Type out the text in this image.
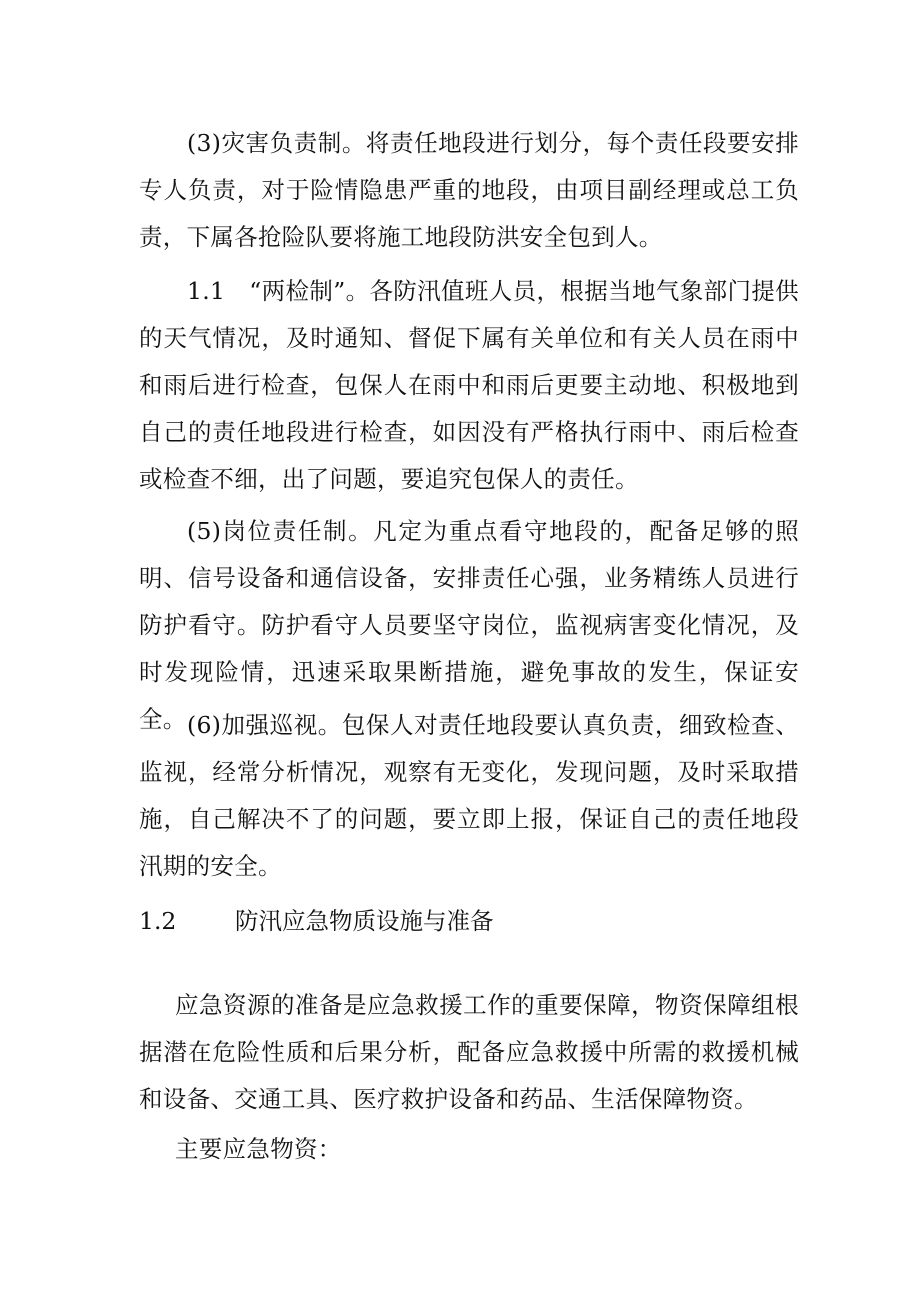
(3)灾害负责制。将责任地段进行划分，每个责任段要安排专人负责，对于险情隐患严重的地段，由项目副经理或总工负责，下属各抢险队要将施工地段防洪安全包到人。

1.1　“两检制”。各防汛值班人员，根据当地气象部门提供的天气情况，及时通知、督促下属有关单位和有关人员在雨中和雨后进行检查，包保人在雨中和雨后更要主动地、积极地到自己的责任地段进行检查，如因没有严格执行雨中、雨后检查或检查不细，出了问题，要追究包保人的责任。

(5)岗位责任制。凡定为重点看守地段的，配备足够的照明、信号设备和通信设备，安排责任心强，业务精练人员进行防护看守。防护看守人员要坚守岗位，监视病害变化情况，及时发现险情，迅速采取果断措施，避免事故的发生，保证安全。 (6)加强巡视。包保人对责任地段要认真负责，细致检查、监视，经常分析情况，观察有无变化，发现问题，及时采取措施，自己解决不了的问题，要立即上报，保证自己的责任地段汛期的安全。

1.2 防汛应急物质设施与准备

应急资源的准备是应急救援工作的重要保障，物资保障组根据潜在危险性质和后果分析，配备应急救援中所需的救援机械和设备、交通工具、医疗救护设备和药品、生活保障物资。

主要应急物资：
